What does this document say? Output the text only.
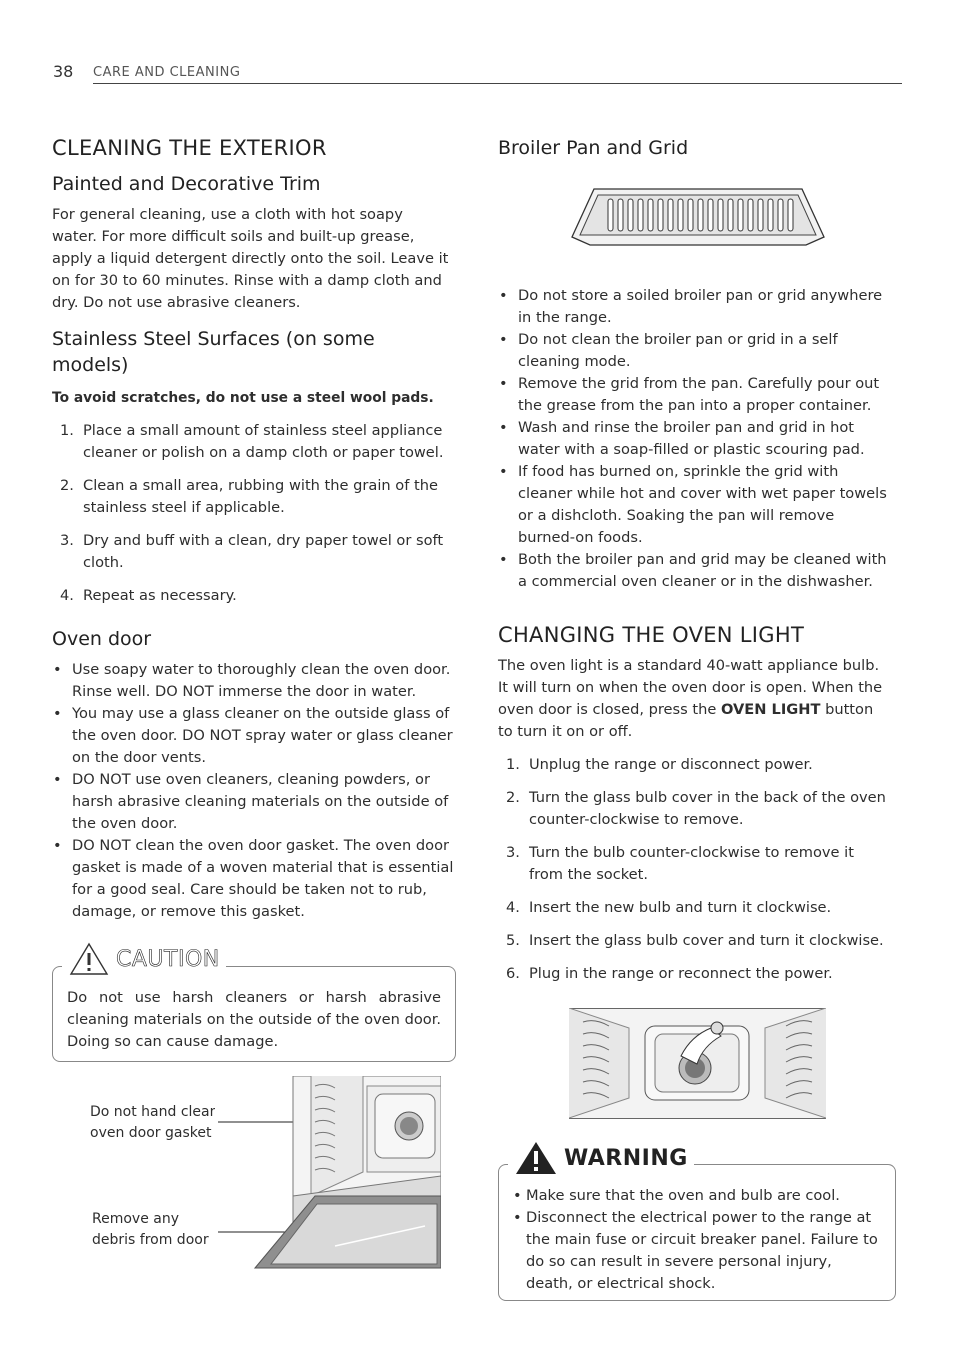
38 CARE AND CLEANING
CLEANING THE EXTERIOR
Painted and Decorative Trim
For general cleaning, use a cloth with hot soapy water. For more difficult soils and built-up grease, apply a liquid detergent directly onto the soil. Leave it on for 30 to 60 minutes. Rinse with a damp cloth and dry. Do not use abrasive cleaners.
Stainless Steel Surfaces (on some models)
To avoid scratches, do not use a steel wool pads.
1. Place a small amount of stainless steel appliance cleaner or polish on a damp cloth or paper towel.
2. Clean a small area, rubbing with the grain of the stainless steel if applicable.
3. Dry and buff with a clean, dry paper towel or soft cloth.
4. Repeat as necessary.
Oven door
• Use soapy water to thoroughly clean the oven door. Rinse well. DO NOT immerse the door in water.
• You may use a glass cleaner on the outside glass of the oven door. DO NOT spray water or glass cleaner on the door vents.
• DO NOT use oven cleaners, cleaning powders, or harsh abrasive cleaning materials on the outside of the oven door.
• DO NOT clean the oven door gasket. The oven door gasket is made of a woven material that is essential for a good seal. Care should be taken not to rub, damage, or remove this gasket.
Do not use harsh cleaners or harsh abrasive cleaning materials on the outside of the oven door. Doing so can cause damage.
CAUTION
Do not hand clean oven door gasket
Remove any debris from door
Broiler Pan and Grid
• Do not store a soiled broiler pan or grid anywhere in the range.
• Do not clean the broiler pan or grid in a self cleaning mode.
• Remove the grid from the pan. Carefully pour out the grease from the pan into a proper container.
• Wash and rinse the broiler pan and grid in hot water with a soap-filled or plastic scouring pad.
• If food has burned on, sprinkle the grid with cleaner while hot and cover with wet paper towels or a dishcloth. Soaking the pan will remove burned-on foods.
• Both the broiler pan and grid may be cleaned with a commercial oven cleaner or in the dishwasher.
CHANGING THE OVEN LIGHT
The oven light is a standard 40-watt appliance bulb. It will turn on when the oven door is open. When the oven door is closed, press the OVEN LIGHT button to turn it on or off.
1. Unplug the range or disconnect power.
2. Turn the glass bulb cover in the back of the oven counter-clockwise to remove.
3. Turn the bulb counter-clockwise to remove it from the socket.
4. Insert the new bulb and turn it clockwise.
5. Insert the glass bulb cover and turn it clockwise.
6. Plug in the range or reconnect the power.
• Make sure that the oven and bulb are cool.
• Disconnect the electrical power to the range at the main fuse or circuit breaker panel. Failure to do so can result in severe personal injury, death, or electrical shock.
WARNING
